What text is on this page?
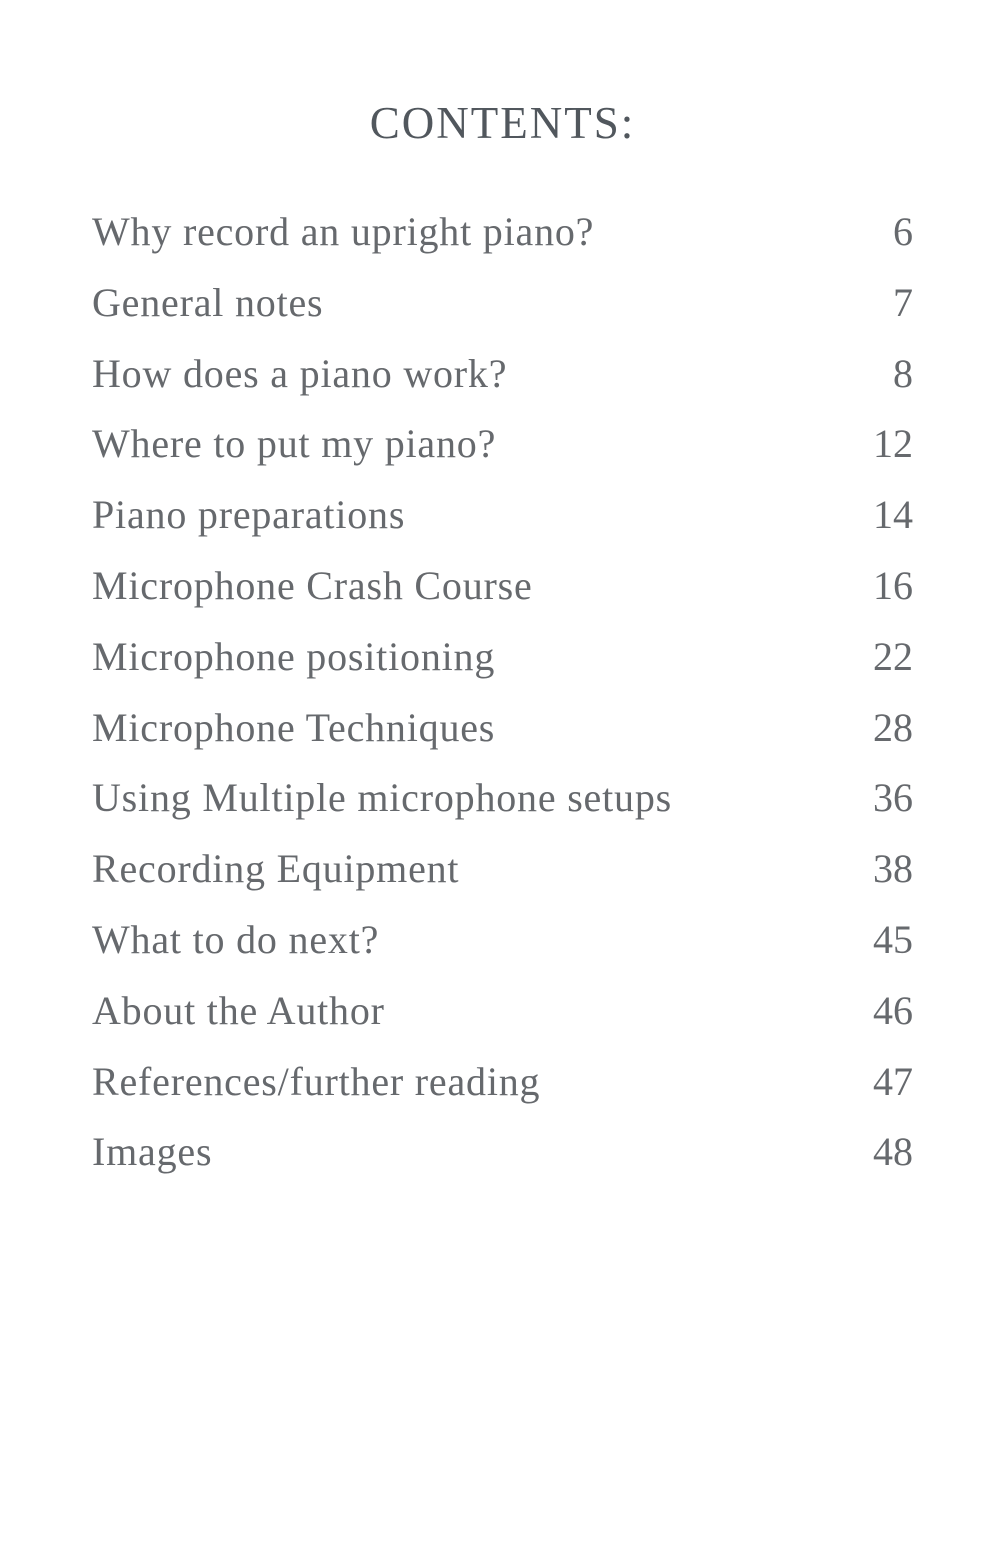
CONTENTS:
Why record an upright piano?	6
General notes	7
How does a piano work?	8
Where to put my piano?	12
Piano preparations	14
Microphone Crash Course	16
Microphone positioning	22
Microphone Techniques	28
Using Multiple microphone setups	36
Recording Equipment	38
What to do next?	45
About the Author	46
References/further reading	47
Images	48
